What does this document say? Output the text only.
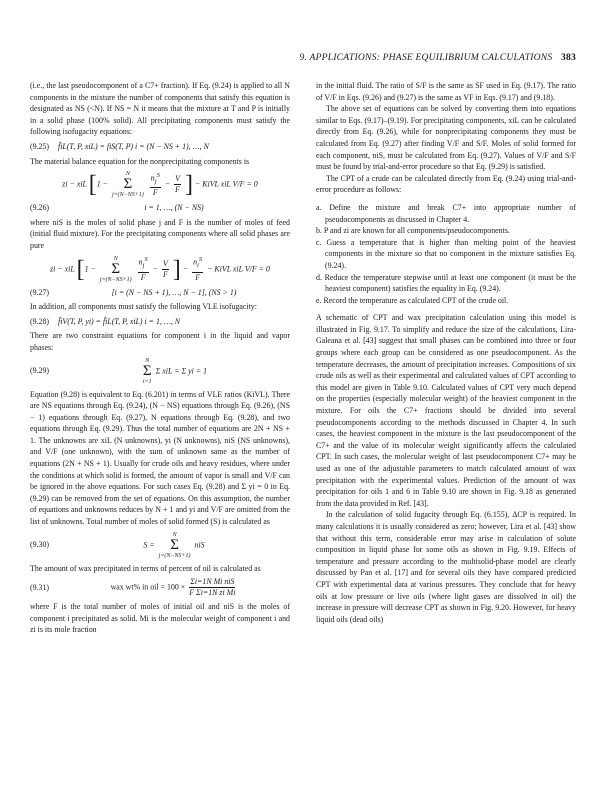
9. APPLICATIONS: PHASE EQUILIBRIUM CALCULATIONS 383

(i.e., the last pseudocomponent of a C7+ fraction). If Eq. (9.24) is applied to all N components in the mixture the number of components that satisfy this equation is designated as NS (<N). If NS = N it means that the mixture at T and P is initially in a solid phase (100% solid). All precipitating components must satisfy the following isofugacity equations:

(9.25)	f̂iL(T, P, xiL) = fiS(T, P) i = (N − NS + 1), …, N

The material balance equation for the nonprecipitating components is

zi − xiL [1 −
N
Σ
j=(N−NS+1)
$\frac{n_j^S}{F} - \frac{V}{F}$ ] − KiVL xiL V/F = 0
(9.26)	i = 1, …, (N − NS)

where niS is the moles of solid phase j and F is the number of moles of feed (initial fluid mixture). For the precipitating components where all solid phases are pure

zi − xiL [1 −
N
Σ
j=(N−NS+1)
$\frac{n_j^S}{F} - \frac{V}{F}$ ] − $\frac{n_i^S}{F}$ − KiVL xiL V/F = 0
(9.27)	[i = (N − NS + 1), …, N − 1], (NS > 1)

In addition, all components must satisfy the following VLE isofugacity:

(9.28)	f̂iV(T, P, yi) = f̂iL(T, P, xiL) i = 1, …, N

There are two constraint equations for component i in the liquid and vapor phases:

(9.29)
N
Σ
i=1
Σ xiL = Σ yi = 1

Equation (9.28) is equivalent to Eq. (6.201) in terms of VLE ratios (KiVL). There are NS equations through Eq. (9.24), (N − NS) equations through Eq. (9.26), (NS − 1) equations through Eq. (9.27), N equations through Eq. (9.28), and two equations through Eq. (9.29). Thus the total number of equations are 2N + NS + 1. The unknowns are xiL (N unknowns), yi (N unknowns), niS (NS unknowns), and V/F (one unknown), with the sum of unknown same as the number of equations (2N + NS + 1). Usually for crude oils and heavy residues, where under the conditions at which solid is formed, the amount of vapor is small and V/F can be ignored in the above equations. For such cases Eq. (9.28) and Σ yi = 0 in Eq. (9.29) can be removed from the set of equations. On this assumption, the number of equations and unknowns reduces by N + 1 and yi and V/F are omitted from the list of unknowns. Total number of moles of solid formed (S) is calculated as

(9.30)	S =
N
Σ
j=(N−NS+1)
niS

The amount of wax precipitated in terms of percent of oil is calculated as

(9.31)	wax wt% in oil = $100 \times \frac{\text{Σi=1N Mi niS}}{\text{F Σi=1N zi Mi}}$

where F is the total number of moles of initial oil and niS is the moles of component i precipitated as solid. Mi is the molecular weight of component i and zi is its mole fraction

in the initial fluid. The ratio of S/F is the same as SF used in Eq. (9.17). The ratio of V/F in Eqs. (9.26) and (9.27) is the same as VF in Eqs. (9.17) and (9.18).

The above set of equations can be solved by converting them into equations similar to Eqs. (9.17)–(9.19). For precipitating components, xiL can be calculated directly from Eq. (9.26), while for nonprecipitating components they must be calculated from Eq. (9.27) after finding V/F and S/F. Moles of solid formed for each component, niS, must be calculated from Eq. (9.27). Values of V/F and S/F must be found by trial-and-error procedure so that Eq. (9.29) is satisfied.

The CPT of a crude can be calculated directly from Eq. (9.24) using trial-and-error procedure as follows:

a. Define the mixture and break C7+ into appropriate number of pseudocomponents as discussed in Chapter 4.

b. P and zi are known for all components/pseudocomponents.

c. Guess a temperature that is higher than melting point of the heaviest components in the mixture so that no component in the mixture satisfies Eq. (9.24).

d. Reduce the temperature stepwise until at least one component (it must be the heaviest component) satisfies the equality in Eq. (9.24).

e. Record the temperature as calculated CPT of the crude oil.

A schematic of CPT and wax precipitation calculation using this model is illustrated in Fig. 9.17. To simplify and reduce the size of the calculations, Lira-Galeana et al. [43] suggest that small phases can be combined into three or four groups where each group can be considered as one pseudocomponent. As the temperature decreases, the amount of precipitation increases. Compositions of six crude oils as well as their experimental and calculated values of CPT according to this model are given in Table 9.10. Calculated values of CPT very much depend on the properties (especially molecular weight) of the heaviest component in the mixture. For oils the C7+ fractions should be divided into several pseudocomponents according to the methods discussed in Chapter 4. In such cases, the heaviest component in the mixture is the last pseudocomponent of the C7+ and the value of its molecular weight significantly affects the calculated CPT. In such cases, the molecular weight of last pseudocomponent C7+ may be used as one of the adjustable parameters to match calculated amount of wax precipitation with the experimental values. Prediction of the amount of wax precipitation for oils 1 and 6 in Table 9.10 are shown in Fig. 9.18 as generated from the data provided in Ref. [43].

In the calculation of solid fugacity through Eq. (6.155), ΔCP is required. In many calculations it is usually considered as zero; however, Lira et al. [43] show that without this term, considerable error may arise in calculation of solute composition in liquid phase for some oils as shown in Fig. 9.19. Effects of temperature and pressure according to the multisolid-phase model are clearly discussed by Pan et al. [17] and for several oils they have compared predicted CPT with experimental data at various pressures. They conclude that for heavy oils at low pressure or live oils (where light gases are dissolved in oil) the increase in pressure will decrease CPT as shown in Fig. 9.20. However, for heavy liquid oils (dead oils)
